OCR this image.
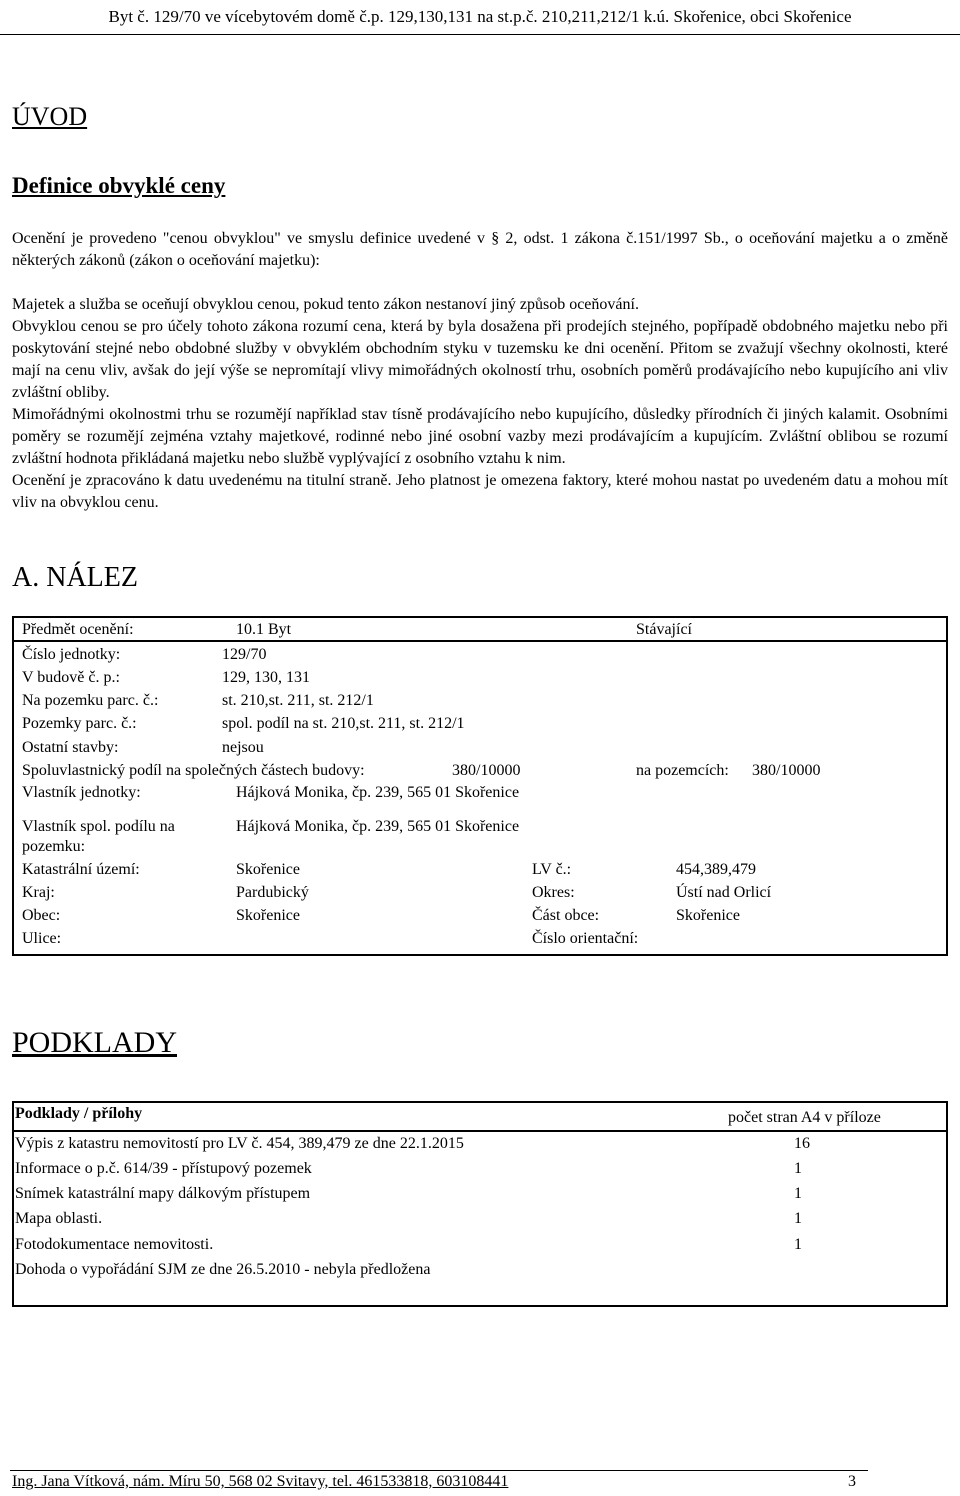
Byt č. 129/70 ve vícebytovém domě č.p. 129,130,131 na st.p.č. 210,211,212/1 k.ú. Skořenice, obci Skořenice
ÚVOD
Definice obvyklé ceny

Ocenění je provedeno "cenou obvyklou" ve smyslu definice uvedené v § 2, odst. 1 zákona č.151/1997 Sb., o oceňování majetku a o změně některých zákonů (zákon o oceňování majetku):

Majetek a služba se oceňují obvyklou cenou, pokud tento zákon nestanoví jiný způsob oceňování.

Obvyklou cenou se pro účely tohoto zákona rozumí cena, která by byla dosažena při prodejích stejného, popřípadě obdobného majetku nebo při poskytování stejné nebo obdobné služby v obvyklém obchodním styku v tuzemsku ke dni ocenění. Přitom se zvažují všechny okolnosti, které mají na cenu vliv, avšak do její výše se nepromítají vlivy mimořádných okolností trhu, osobních poměrů prodávajícího nebo kupujícího ani vliv zvláštní obliby.

Mimořádnými okolnostmi trhu se rozumějí například stav tísně prodávajícího nebo kupujícího, důsledky přírodních či jiných kalamit. Osobními poměry se rozumějí zejména vztahy majetkové, rodinné nebo jiné osobní vazby mezi prodávajícím a kupujícím. Zvláštní oblibou se rozumí zvláštní hodnota přikládaná majetku nebo službě vyplývající z osobního vztahu k nim.

Ocenění je zpracováno k datu uvedenému na titulní straně. Jeho platnost je omezena faktory, které mohou nastat po uvedeném datu a mohou mít vliv na obvyklou cenu.

A. NÁLEZ
Předmět ocenění:	10.1 Byt	Stávající
Číslo jednotky:	129/70
V budově č. p.:	129, 130, 131
Na pozemku parc. č.:	st. 210,st. 211, st. 212/1
Pozemky parc. č.:	spol. podíl na st. 210,st. 211, st. 212/1
Ostatní stavby:	nejsou
Spoluvlastnický podíl na společných částech budovy:	380/10000	na pozemcích: 380/10000
Vlastník jednotky:	Hájková Monika, čp. 239, 565 01 Skořenice
Vlastník spol. podílu na
pozemku:
Hájková Monika, čp. 239, 565 01 Skořenice
Katastrální území:	Skořenice	LV č.:	454,389,479
Kraj:	Pardubický	Okres:	Ústí nad Orlicí
Obec:	Skořenice	Část obce:	Skořenice
Ulice:	Číslo orientační:
PODKLADY
Podklady / přílohy	počet stran A4 v příloze
Výpis z katastru nemovitostí pro LV č. 454, 389,479 ze dne 22.1.2015	16
Informace o p.č. 614/39 - přístupový pozemek	1
Snímek katastrální mapy dálkovým přístupem	1
Mapa oblasti.	1
Fotodokumentace nemovitosti.	1
Dohoda o vypořádání SJM ze dne 26.5.2010 - nebyla předložena
Ing. Jana Vítková, nám. Míru 50, 568 02 Svitavy, tel. 461533818, 603108441	3
